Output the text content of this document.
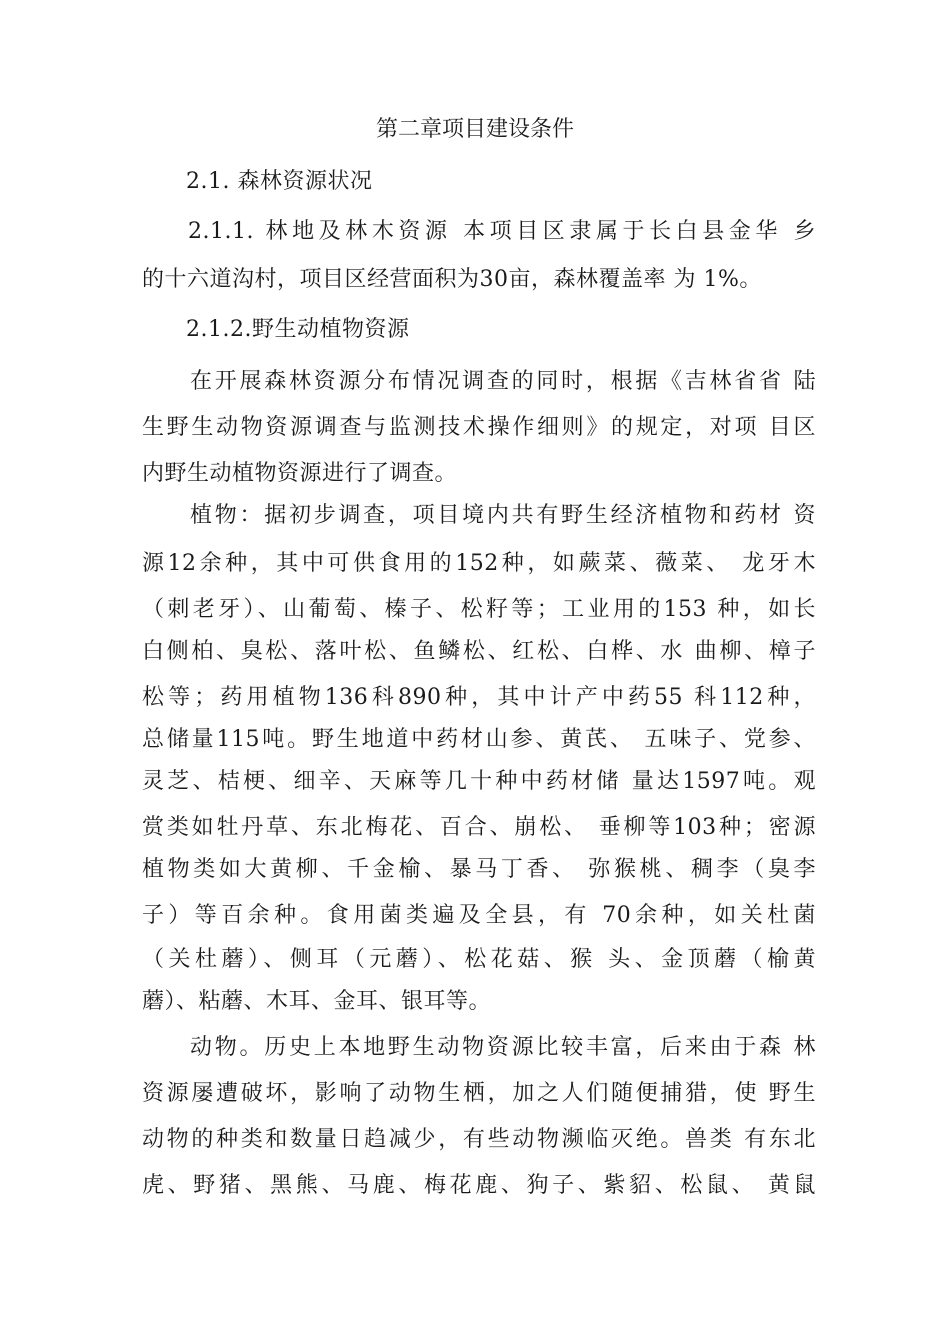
第二章项目建设条件
2.1. 森林资源状况
2.1.1. 林地及林木资源 本项目区隶属于长白县金华 乡
的十六道沟村，项目区经营面积为30亩，森林覆盖率 为 1%。
2.1.2.野生动植物资源
在开展森林资源分布情况调查的同时，根据《吉林省省 陆
生野生动物资源调查与监测技术操作细则》的规定，对项 目区
内野生动植物资源进行了调查。
植物：据初步调查，项目境内共有野生经济植物和药材 资
源12余种，其中可供食用的152种，如蕨菜、薇菜、 龙牙木
（刺老牙）、山葡萄、榛子、松籽等；工业用的153 种，如长
白侧柏、臭松、落叶松、鱼鳞松、红松、白桦、水 曲柳、樟子
松等；药用植物136科890种，其中计产中药55 科112种，
总储量115吨。野生地道中药材山参、黄芪、 五味子、党参、
灵芝、桔梗、细辛、天麻等几十种中药材储 量达1597吨。观
赏类如牡丹草、东北梅花、百合、崩松、 垂柳等103种；密源
植物类如大黄柳、千金榆、暴马丁香、 弥猴桃、稠李（臭李
子）等百余种。食用菌类遍及全县，有 70余种，如关杜菌
（关杜蘑）、侧耳（元蘑）、松花菇、猴 头、金顶蘑（榆黄
蘑）、粘蘑、木耳、金耳、银耳等。
动物。历史上本地野生动物资源比较丰富，后来由于森 林
资源屡遭破坏，影响了动物生栖，加之人们随便捕猎，使 野生
动物的种类和数量日趋减少，有些动物濒临灭绝。兽类 有东北
虎、野猪、黑熊、马鹿、梅花鹿、狗子、紫貂、松鼠、 黄鼠
